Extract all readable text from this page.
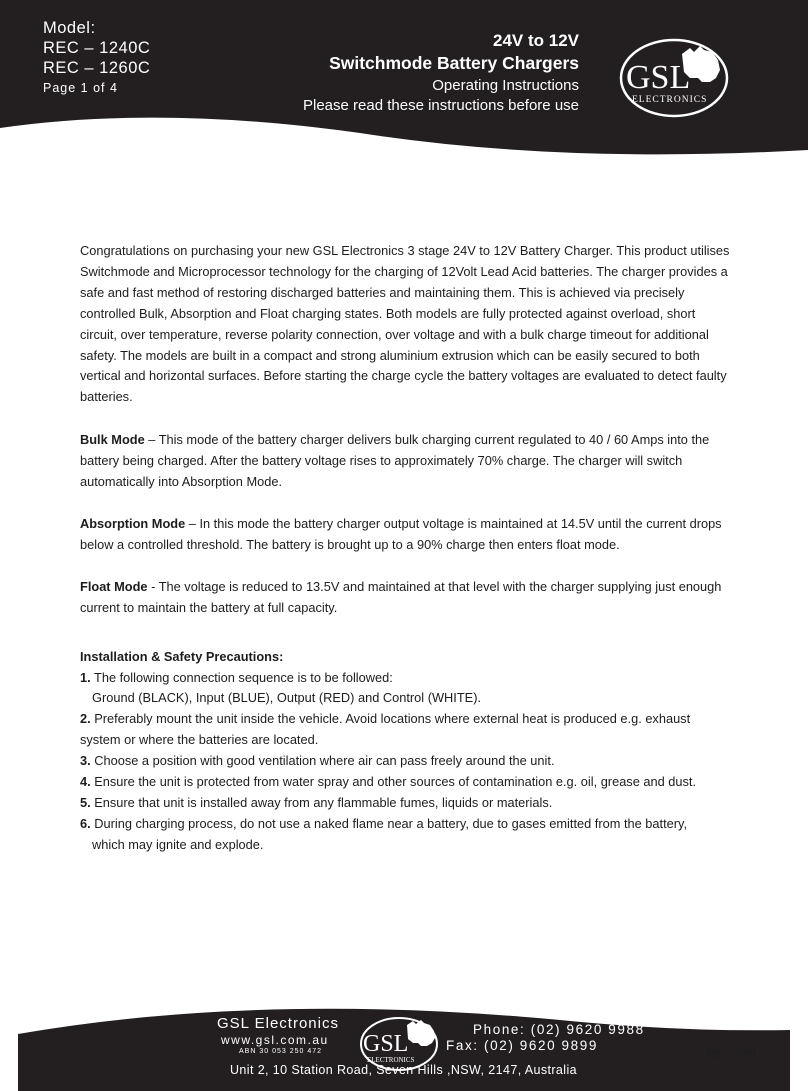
Model:
REC – 1240C
REC – 1260C
Page 1 of 4
24V to 12V
Switchmode Battery Chargers
Operating Instructions
Please read these instructions before use
GSL
ELECTRONICS

Congratulations on purchasing your new GSL Electronics 3 stage 24V to 12V Battery Charger. This product utilises Switchmode and Microprocessor technology for the charging of 12Volt Lead Acid batteries. The charger provides a safe and fast method of restoring discharged batteries and maintaining them. This is achieved via precisely controlled Bulk, Absorption and Float charging states. Both models are fully protected against overload, short circuit, over temperature, reverse polarity connection, over voltage and with a bulk charge timeout for additional safety. The models are built in a compact and strong aluminium extrusion which can be easily secured to both vertical and horizontal surfaces. Before starting the charge cycle the battery voltages are evaluated to detect faulty batteries.

Bulk Mode – This mode of the battery charger delivers bulk charging current regulated to 40 / 60 Amps into the battery being charged. After the battery voltage rises to approximately 70% charge. The charger will switch automatically into Absorption Mode.

Absorption Mode – In this mode the battery charger output voltage is maintained at 14.5V until the current drops below a controlled threshold. The battery is brought up to a 90% charge then enters float mode.

Float Mode - The voltage is reduced to 13.5V and maintained at that level with the charger supplying just enough current to maintain the battery at full capacity.

Installation & Safety Precautions:
1. The following connection sequence is to be followed:
Ground (BLACK), Input (BLUE), Output (RED) and Control (WHITE).
2. Preferably mount the unit inside the vehicle. Avoid locations where external heat is produced e.g. exhaust system or where the batteries are located.
3. Choose a position with good ventilation where air can pass freely around the unit.
4. Ensure the unit is protected from water spray and other sources of contamination e.g. oil, grease and dust.
5. Ensure that unit is installed away from any flammable fumes, liquids or materials.
6. During charging process, do not use a naked flame near a battery, due to gases emitted from the battery,
which may ignite and explode.
GSL Electronics
www.gsl.com.au
ABN 30 053 250 472 GSL
ELECTRONICS
Phone: (02) 9620 9988
Fax: (02) 9620 9899
REC-C-R1
Unit 2, 10 Station Road, Seven Hills ,NSW, 2147, Australia
